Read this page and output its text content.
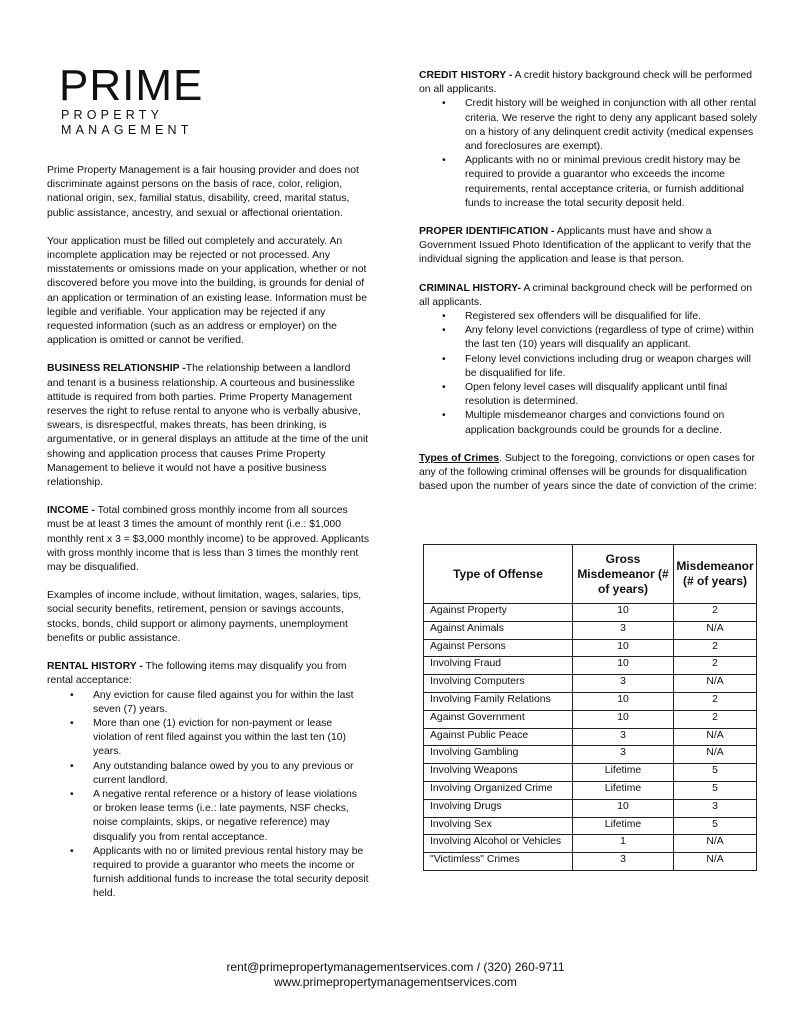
PRIME
PROPERTY
MANAGEMENT

Prime Property Management is a fair housing provider and does not discriminate against persons on the basis of race, color, religion, national origin, sex, familial status, disability, creed, marital status, public assistance, ancestry, and sexual or affectional orientation.

Your application must be filled out completely and accurately. An incomplete application may be rejected or not processed. Any misstatements or omissions made on your application, whether or not discovered before you move into the building, is grounds for denial of an application or termination of an existing lease. Information must be legible and verifiable. Your application may be rejected if any requested information (such as an address or employer) on the application is omitted or cannot be verified.

BUSINESS RELATIONSHIP -The relationship between a landlord and tenant is a business relationship. A courteous and businesslike attitude is required from both parties. Prime Property Management reserves the right to refuse rental to anyone who is verbally abusive, swears, is disrespectful, makes threats, has been drinking, is argumentative, or in general displays an attitude at the time of the unit showing and application process that causes Prime Property Management to believe it would not have a positive business relationship.

INCOME - Total combined gross monthly income from all sources must be at least 3 times the amount of monthly rent (i.e.: $1,000 monthly rent x 3 = $3,000 monthly income) to be approved. Applicants with gross monthly income that is less than 3 times the monthly rent may be disqualified.

Examples of income include, without limitation, wages, salaries, tips, social security benefits, retirement, pension or savings accounts, stocks, bonds, child support or alimony payments, unemployment benefits or public assistance.

RENTAL HISTORY - The following items may disqualify you from rental acceptance:

• Any eviction for cause filed against you for within the last seven (7) years.
• More than one (1) eviction for non-payment or lease violation of rent filed against you within the last ten (10) years.
• Any outstanding balance owed by you to any previous or current landlord.
• A negative rental reference or a history of lease violations or broken lease terms (i.e.: late payments, NSF checks, noise complaints, skips, or negative reference) may disqualify you from rental acceptance.
• Applicants with no or limited previous rental history may be required to provide a guarantor who meets the income or furnish additional funds to increase the total security deposit held.

CREDIT HISTORY - A credit history background check will be performed on all applicants.

• Credit history will be weighed in conjunction with all other rental criteria. We reserve the right to deny any applicant based solely on a history of any delinquent credit activity (medical expenses and foreclosures are exempt).
• Applicants with no or minimal previous credit history may be required to provide a guarantor who exceeds the income requirements, rental acceptance criteria, or furnish additional funds to increase the total security deposit held.

PROPER IDENTIFICATION - Applicants must have and show a Government Issued Photo Identification of the applicant to verify that the individual signing the application and lease is that person.

CRIMINAL HISTORY- A criminal background check will be performed on all applicants.

• Registered sex offenders will be disqualified for life.
• Any felony level convictions (regardless of type of crime) within the last ten (10) years will disqualify an applicant.
• Felony level convictions including drug or weapon charges will be disqualified for life.
• Open felony level cases will disqualify applicant until final resolution is determined.
• Multiple misdemeanor charges and convictions found on application backgrounds could be grounds for a decline.

Types of Crimes. Subject to the foregoing, convictions or open cases for any of the following criminal offenses will be grounds for disqualification based upon the number of years since the date of conviction of the crime:

Type of Offense	Gross Misdemeanor (# of years)	Misdemeanor (# of years)
Against Property	10	2
Against Animals	3	N/A
Against Persons	10	2
Involving Fraud	10	2
Involving Computers	3	N/A
Involving Family Relations	10	2
Against Government	10	2
Against Public Peace	3	N/A
Involving Gambling	3	N/A
Involving Weapons	Lifetime	5
Involving Organized Crime	Lifetime	5
Involving Drugs	10	3
Involving Sex	Lifetime	5
Involving Alcohol or Vehicles	1	N/A
"Victimless" Crimes	3	N/A
rent@primepropertymanagementservices.com / (320) 260-9711
www.primepropertymanagementservices.com
